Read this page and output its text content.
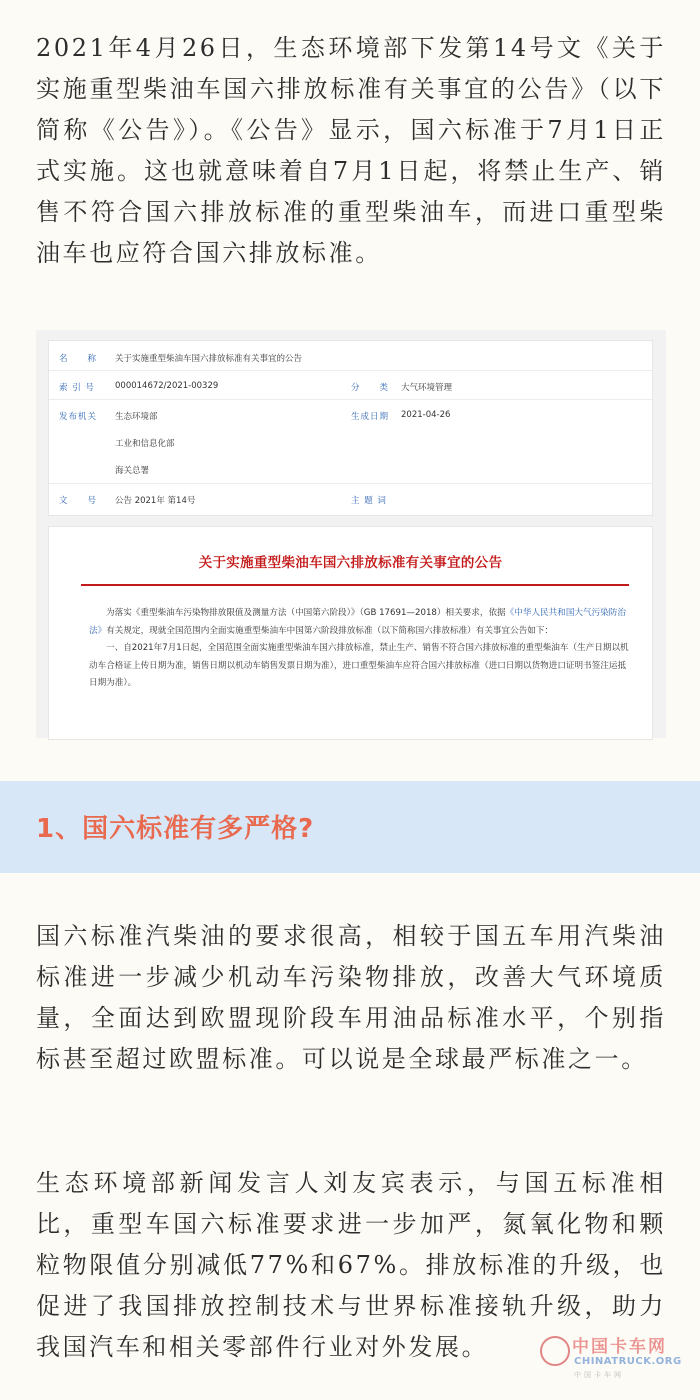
2021年4月26日，生态环境部下发第14号文《关于实施重型柴油车国六排放标准有关事宜的公告》（以下简称《公告》）。《公告》显示，国六标准于7月1日正式实施。这也就意味着自7月1日起，将禁止生产、销售不符合国六排放标准的重型柴油车，而进口重型柴油车也应符合国六排放标准。

名　　称 关于实施重型柴油车国六排放标准有关事宜的公告
索 引 号 000014672/2021-00329	分　　类 大气环境管理
发布机关 生态环境部
工业和信息化部
海关总署
生成日期 2021-04-26
文　　号 公告 2021年 第14号	主 题 词
关于实施重型柴油车国六排放标准有关事宜的公告

为落实《重型柴油车污染物排放限值及测量方法（中国第六阶段）》（GB 17691—2018）相关要求，依据《中华人民共和国大气污染防治法》有关规定，现就全国范围内全面实施重型柴油车中国第六阶段排放标准（以下简称国六排放标准）有关事宜公告如下：
一、自2021年7月1日起，全国范围全面实施重型柴油车国六排放标准，禁止生产、销售不符合国六排放标准的重型柴油车（生产日期以机动车合格证上传日期为准，销售日期以机动车销售发票日期为准），进口重型柴油车应符合国六排放标准（进口日期以货物进口证明书签注运抵日期为准）。

1、国六标准有多严格?

国六标准汽柴油的要求很高，相较于国五车用汽柴油标准进一步减少机动车污染物排放，改善大气环境质量，全面达到欧盟现阶段车用油品标准水平，个别指标甚至超过欧盟标准。可以说是全球最严标准之一。

生态环境部新闻发言人刘友宾表示，与国五标准相比，重型车国六标准要求进一步加严，氮氧化物和颗粒物限值分别减低77%和67%。排放标准的升级，也促进了我国排放控制技术与世界标准接轨升级，助力我国汽车和相关零部件行业对外发展。	中国卡车网
CHINATRUCK.ORG
中国卡车网
